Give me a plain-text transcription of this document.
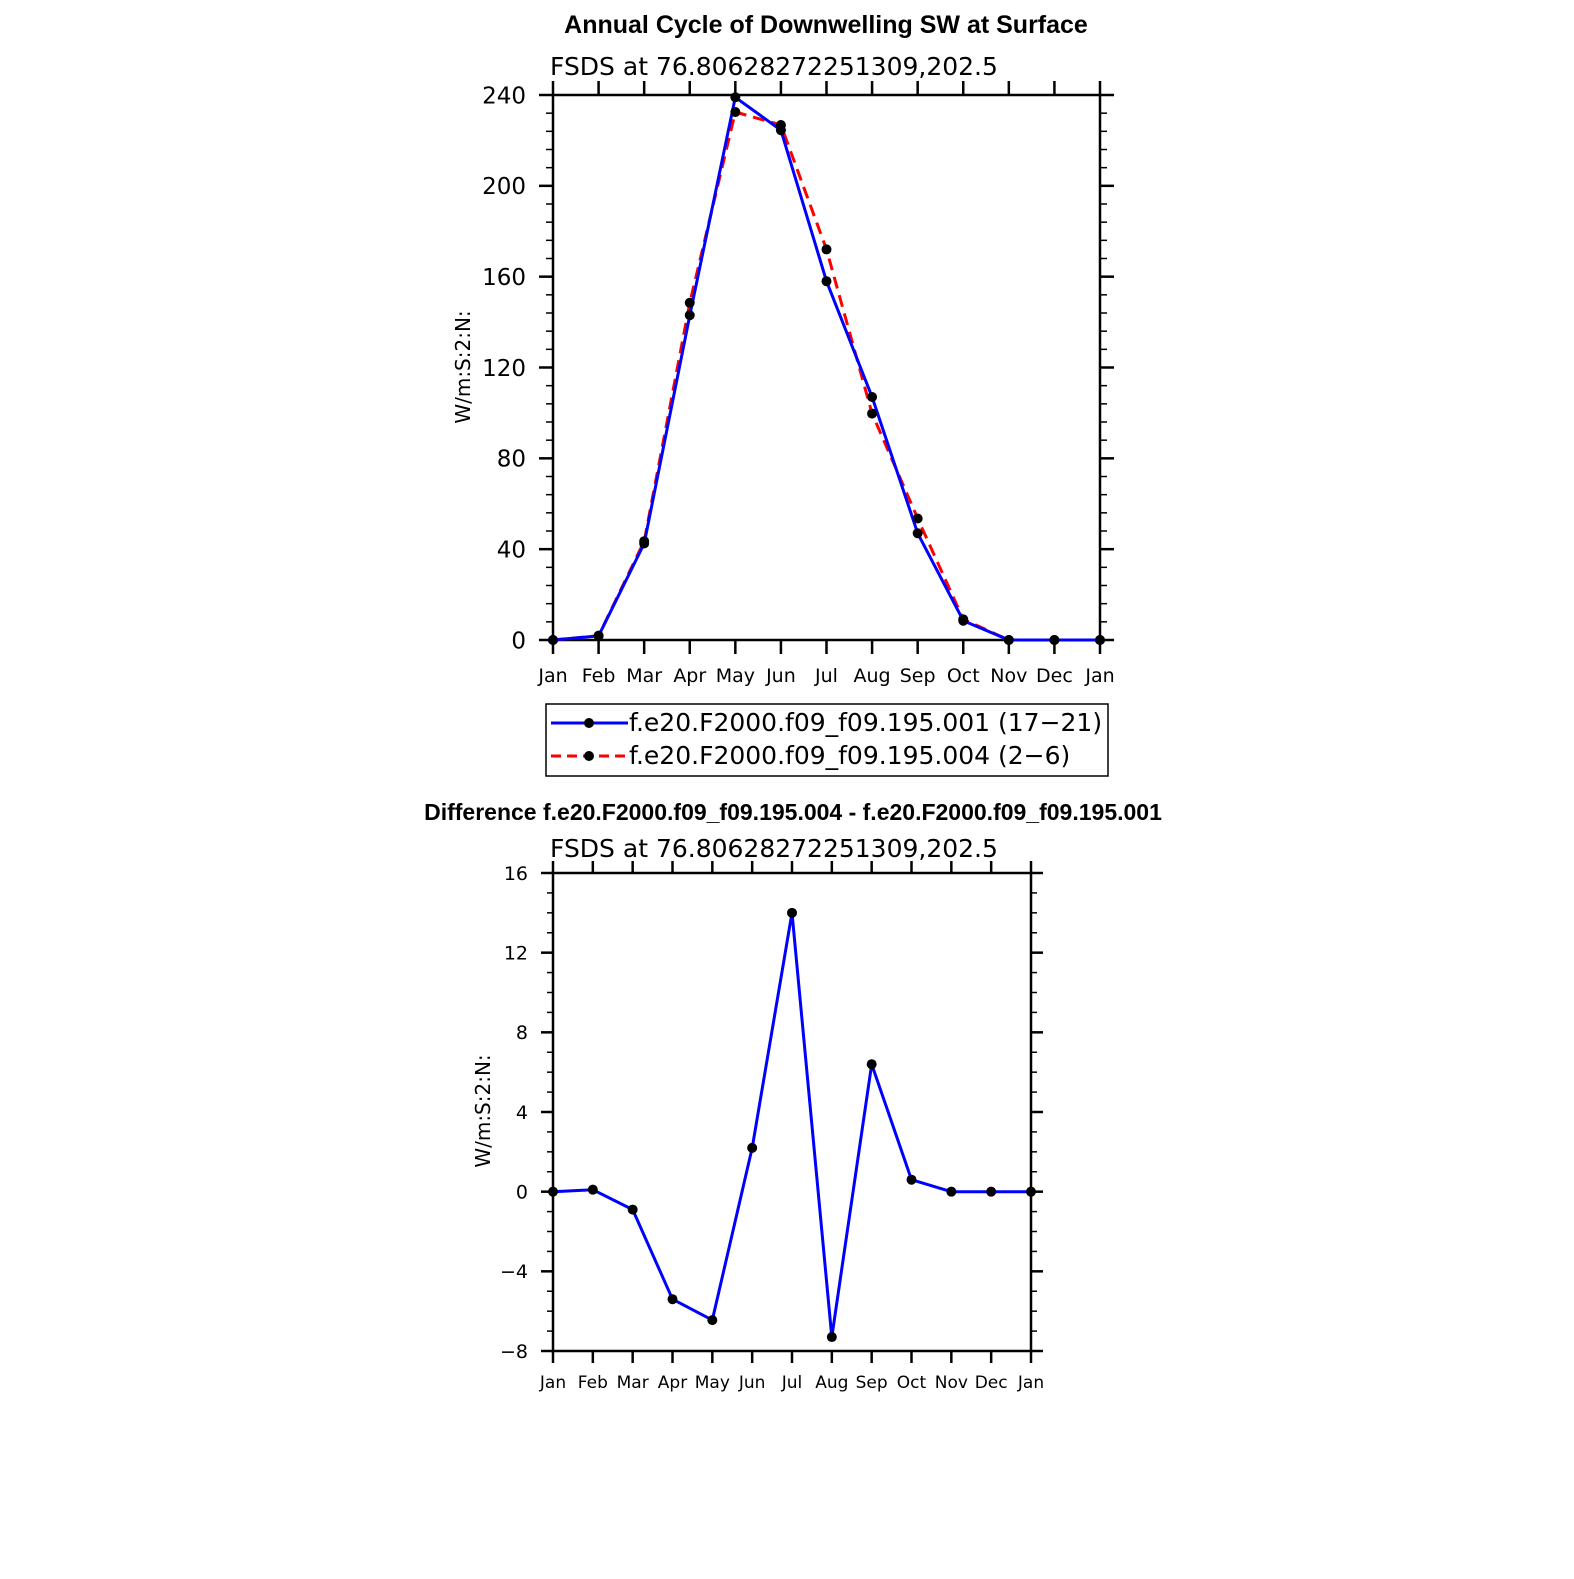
Annual Cycle of Downwelling SW at Surface
FSDS at 76.80628272251309,202.5
W/m:S:2:N:
Jan Feb Mar Apr May Jun Jul Aug Sep Oct Nov Dec Jan
0
40
80
120
160
200
240
f.e20.F2000.f09_f09.195.001 (17−21)
f.e20.F2000.f09_f09.195.004 (2−6)
Difference f.e20.F2000.f09_f09.195.004 - f.e20.F2000.f09_f09.195.001
FSDS at 76.80628272251309,202.5
W/m:S:2:N:
Jan Feb Mar Apr May Jun Jul Aug Sep Oct Nov Dec Jan
−8
−4
0
4
8
12
16
